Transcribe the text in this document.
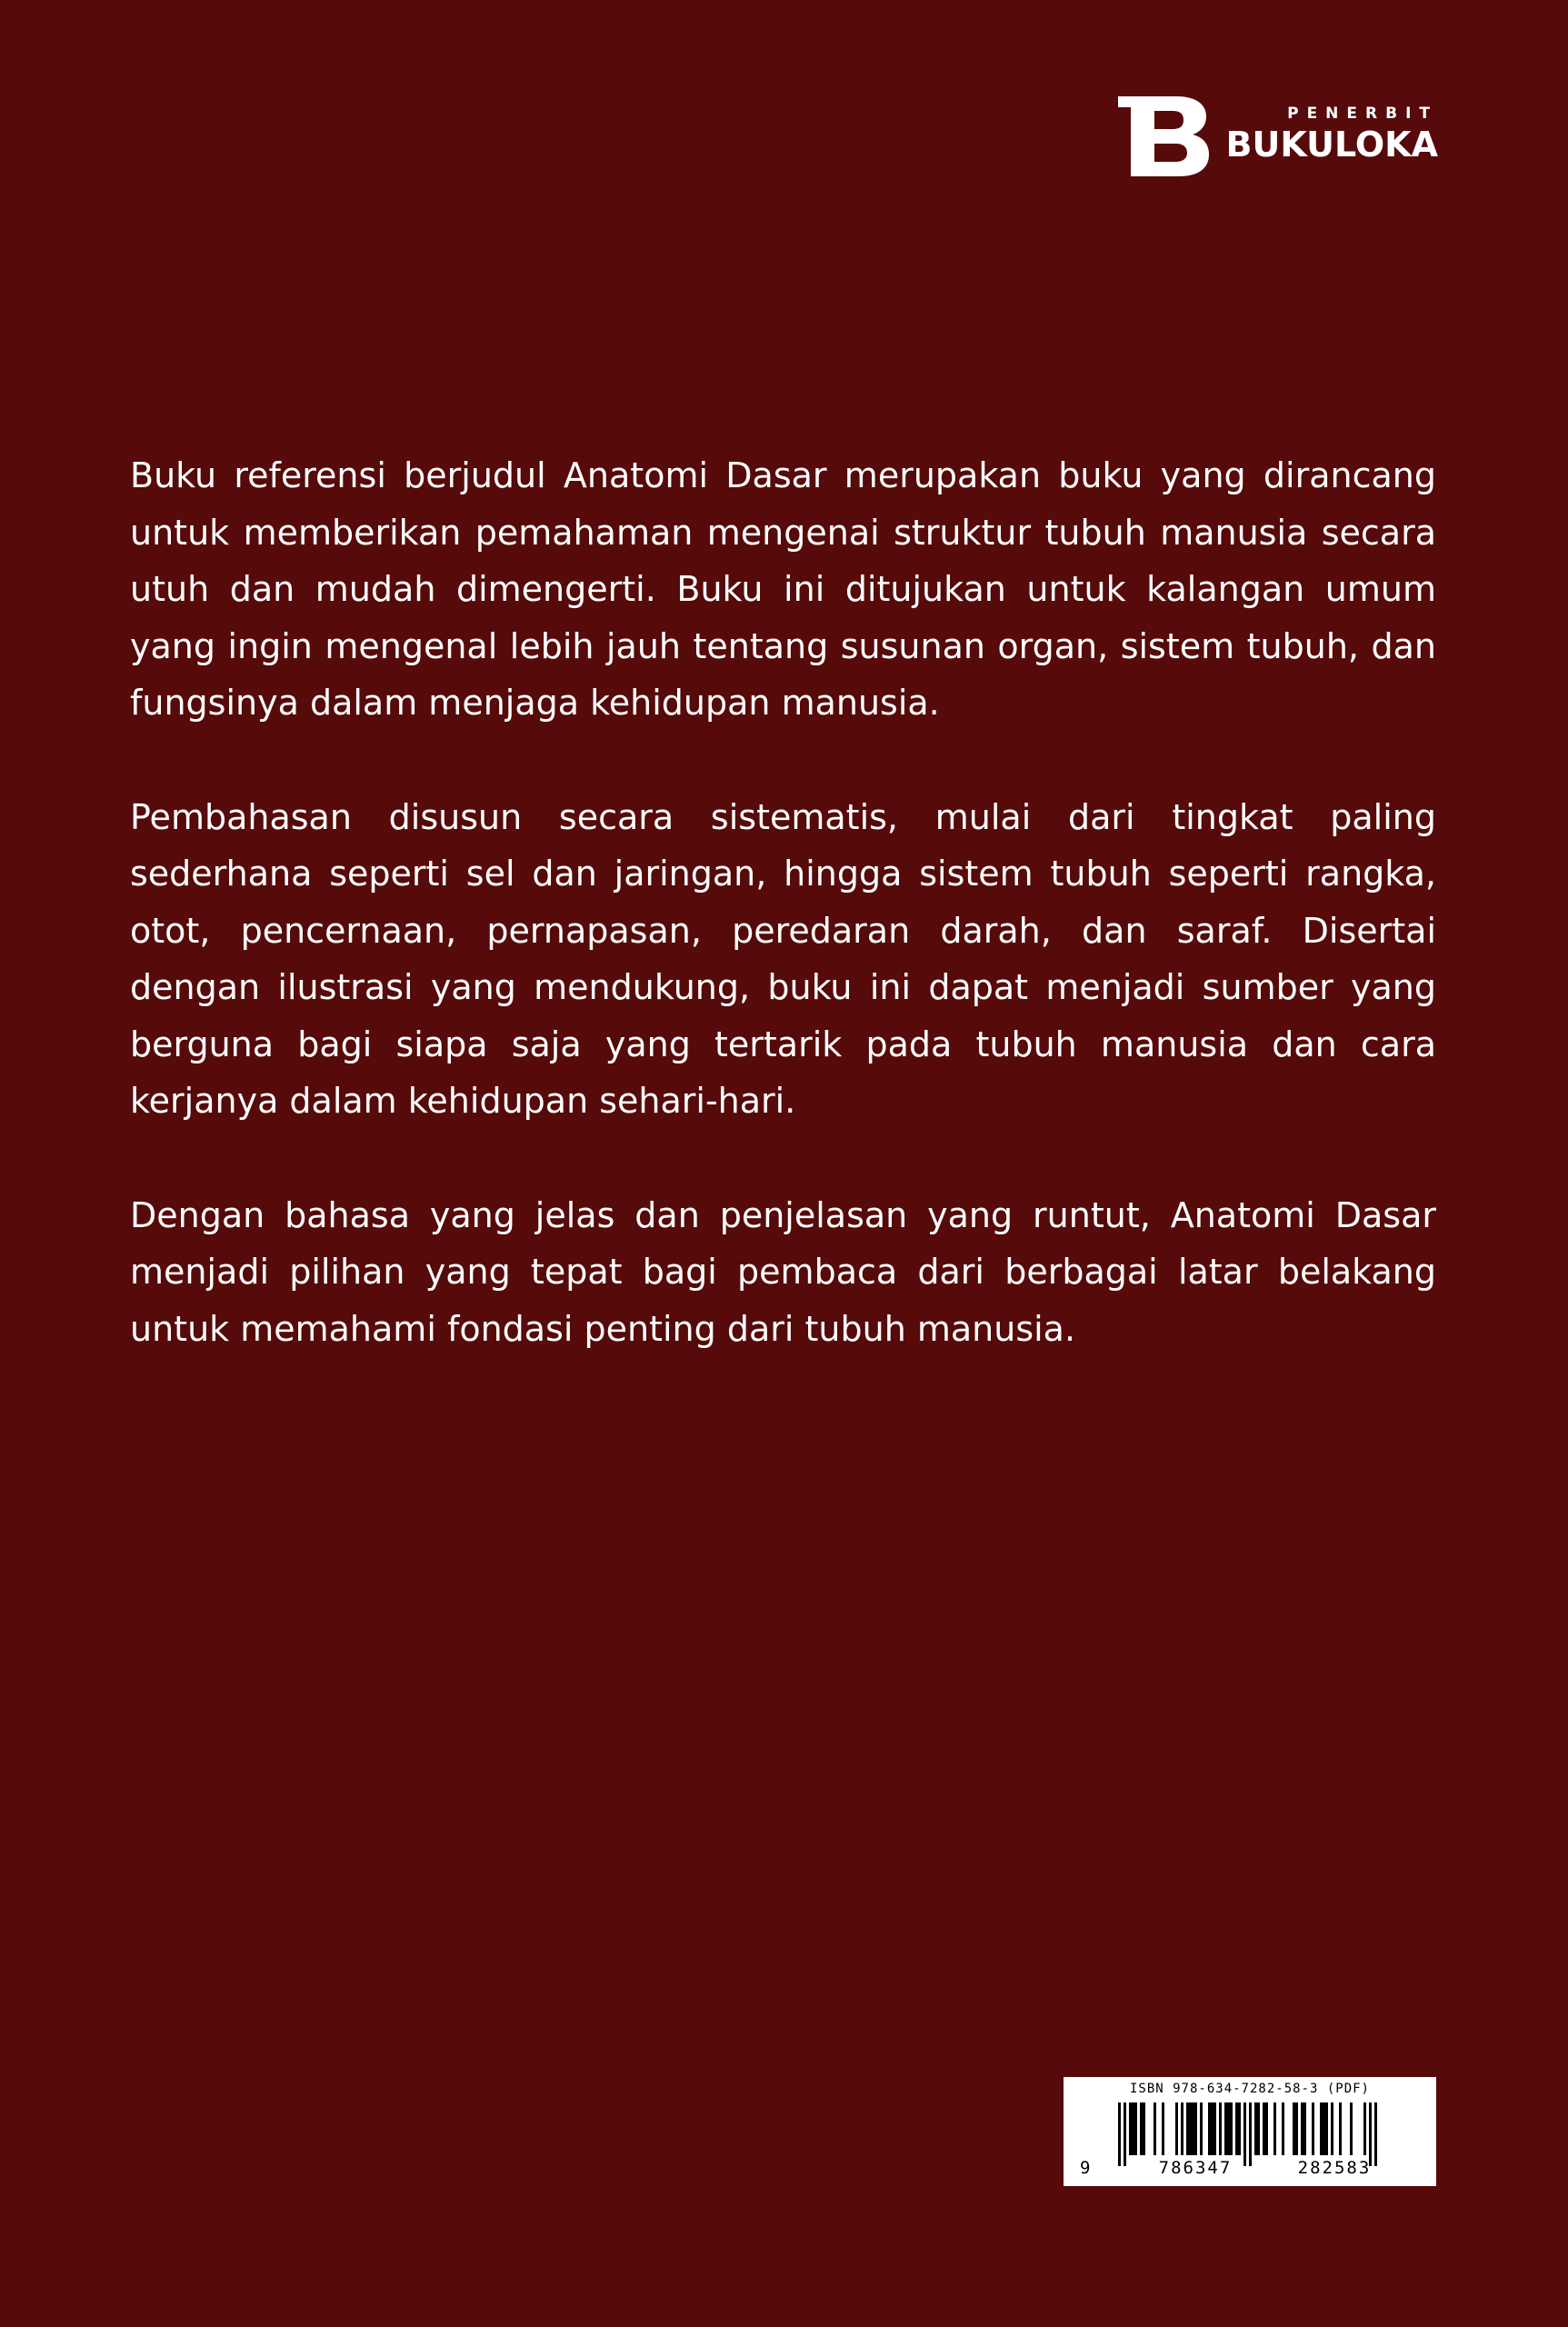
PENERBIT
BUKULOKA

Buku referensi berjudul Anatomi Dasar merupakan buku yang dirancang untuk memberikan pemahaman mengenai struktur tubuh manusia secara utuh dan mudah dimengerti. Buku ini ditujukan untuk kalangan umum yang ingin mengenal lebih jauh tentang susunan organ, sistem tubuh, dan fungsinya dalam menjaga kehidupan manusia.

Pembahasan disusun secara sistematis, mulai dari tingkat paling sederhana seperti sel dan jaringan, hingga sistem tubuh seperti rangka, otot, pencernaan, pernapasan, peredaran darah, dan saraf. Disertai dengan ilustrasi yang mendukung, buku ini dapat menjadi sumber yang berguna bagi siapa saja yang tertarik pada tubuh manusia dan cara kerjanya dalam kehidupan sehari-hari.

Dengan bahasa yang jelas dan penjelasan yang runtut, Anatomi Dasar menjadi pilihan yang tepat bagi pembaca dari berbagai latar belakang untuk memahami fondasi penting dari tubuh manusia.

ISBN 978-634-7282-58-3 (PDF)
9	786347	282583
